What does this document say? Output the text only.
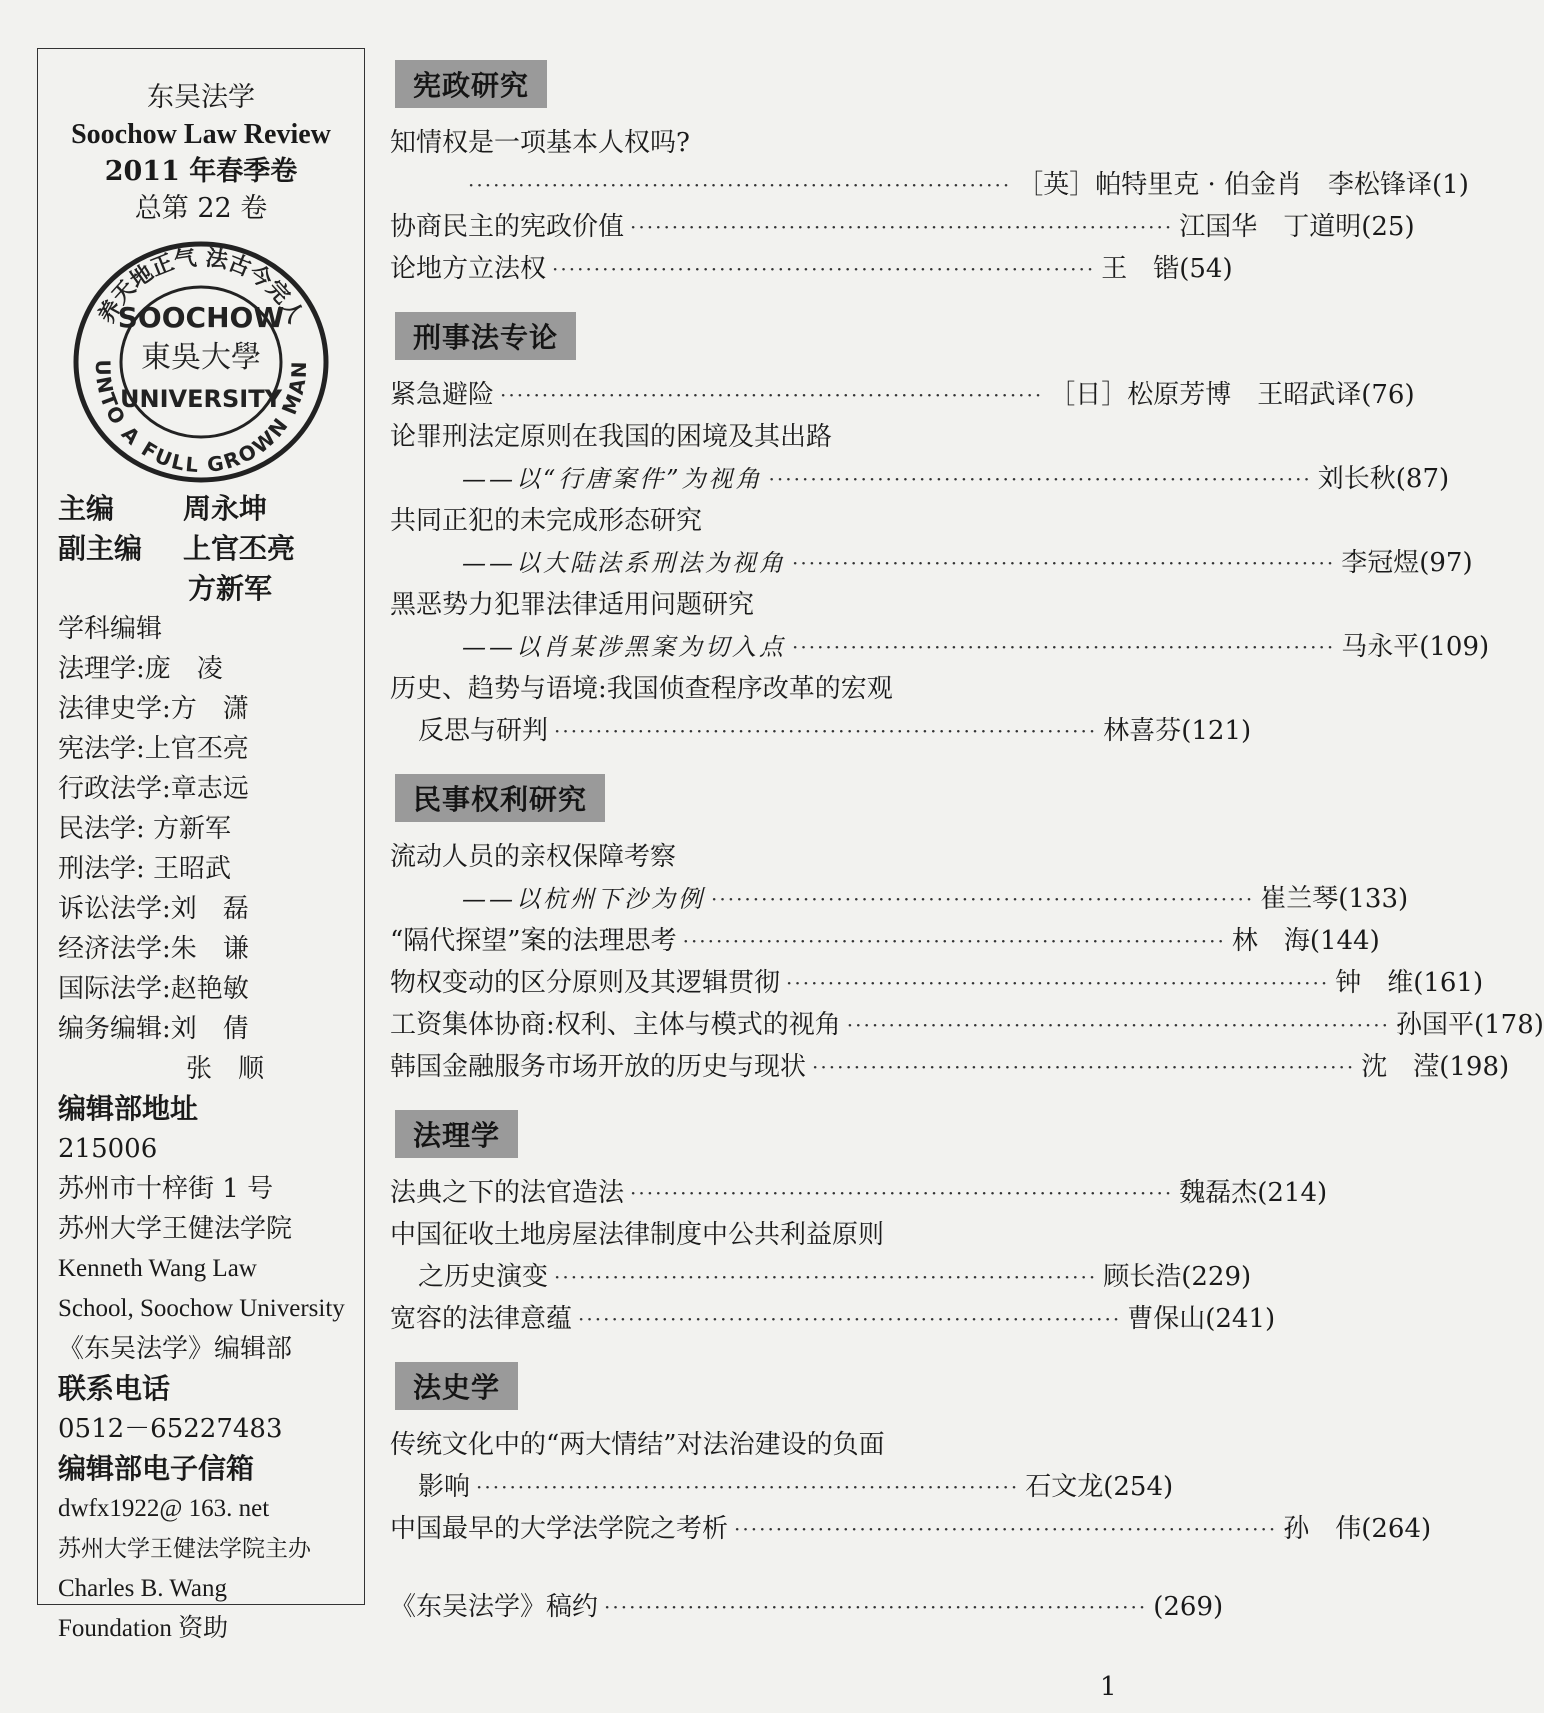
东吴法学
Soochow Law Review
2011 年春季卷
总第 22 卷
养天地正气 法古今完人
UNTO A FULL GROWN MAN
SOOCHOW
東吳大學
UNIVERSITY
主编 周永坤
副主编 上官丕亮
方新军
学科编辑
法理学:庞　凌
法律史学:方　潇
宪法学:上官丕亮
行政法学:章志远
民法学: 方新军
刑法学: 王昭武
诉讼法学:刘　磊
经济法学:朱　谦
国际法学:赵艳敏
编务编辑:刘　倩
张　顺
编辑部地址
215006
苏州市十梓街 1 号
苏州大学王健法学院
Kenneth Wang Law
School, Soochow University
《东吴法学》编辑部
联系电话
0512－65227483
编辑部电子信箱
dwfx1922@ 163. net
苏州大学王健法学院主办
Charles B. Wang
Foundation 资助
宪政研究
知情权是一项基本人权吗?
································································· ［英］帕特里克 · 伯金肖　李松锋译(1)
协商民主的宪政价值 ································································· 江国华　丁道明(25)
论地方立法权 ································································· 王　锴(54)
刑事法专论
紧急避险 ································································· ［日］松原芳博　王昭武译(76)
论罪刑法定原则在我国的困境及其出路
——以“行唐案件”为视角 ································································· 刘长秋(87)
共同正犯的未完成形态研究
——以大陆法系刑法为视角 ································································· 李冠煜(97)
黑恶势力犯罪法律适用问题研究
——以肖某涉黑案为切入点 ································································· 马永平(109)
历史、趋势与语境:我国侦查程序改革的宏观
反思与研判 ································································· 林喜芬(121)
民事权利研究
流动人员的亲权保障考察
——以杭州下沙为例 ································································· 崔兰琴(133)
“隔代探望”案的法理思考 ································································· 林　海(144)
物权变动的区分原则及其逻辑贯彻 ································································· 钟　维(161)
工资集体协商:权利、主体与模式的视角 ································································· 孙国平(178)
韩国金融服务市场开放的历史与现状 ································································· 沈　滢(198)
法理学
法典之下的法官造法 ································································· 魏磊杰(214)
中国征收土地房屋法律制度中公共利益原则
之历史演变 ································································· 顾长浩(229)
宽容的法律意蕴 ································································· 曹保山(241)
法史学
传统文化中的“两大情结”对法治建设的负面
影响 ································································· 石文龙(254)
中国最早的大学法学院之考析 ································································· 孙　伟(264)
《东吴法学》稿约 ································································· (269)
1
